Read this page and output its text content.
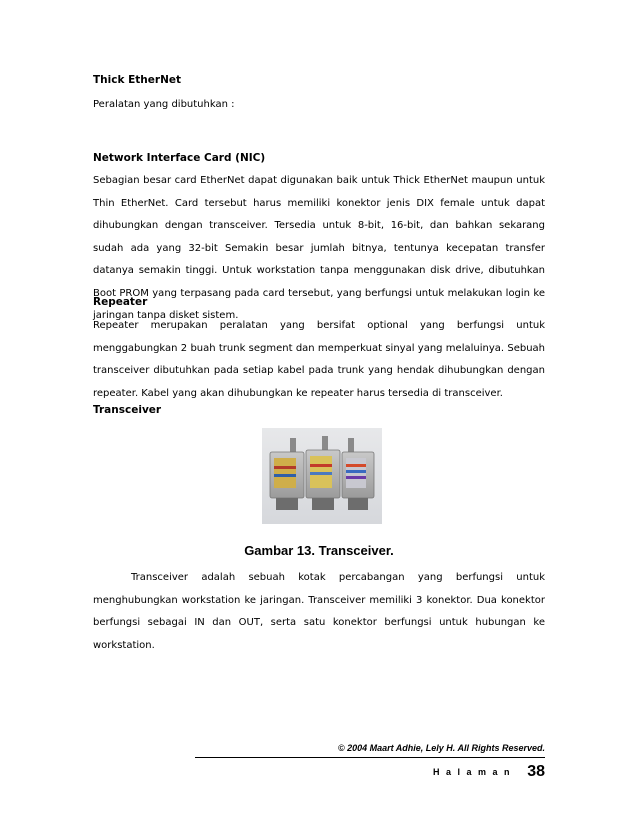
Thick EtherNet
Peralatan yang dibutuhkan :
Network Interface Card (NIC)
Sebagian besar card EtherNet dapat digunakan baik untuk Thick EtherNet maupun untuk Thin EtherNet. Card tersebut harus memiliki konektor jenis DIX female untuk dapat dihubungkan dengan transceiver. Tersedia untuk 8-bit, 16-bit, dan bahkan sekarang sudah ada yang 32-bit Semakin besar jumlah bitnya, tentunya kecepatan transfer datanya semakin tinggi. Untuk workstation tanpa menggunakan disk drive, dibutuhkan Boot PROM yang terpasang pada card tersebut, yang berfungsi untuk melakukan login ke jaringan tanpa disket sistem.
Repeater
Repeater merupakan peralatan yang bersifat optional yang berfungsi untuk menggabungkan 2 buah trunk segment dan memperkuat sinyal yang melaluinya. Sebuah transceiver dibutuhkan pada setiap kabel pada trunk yang hendak dihubungkan dengan repeater. Kabel yang akan dihubungkan ke repeater harus tersedia di transceiver.
Transceiver
Gambar 13. Transceiver.
Transceiver adalah sebuah kotak percabangan yang berfungsi untuk menghubungkan workstation ke jaringan. Transceiver memiliki 3 konektor. Dua konektor berfungsi sebagai IN dan OUT, serta satu konektor berfungsi untuk hubungan ke workstation.
© 2004 Maart Adhie, Lely H. All Rights Reserved.
Halaman 38
